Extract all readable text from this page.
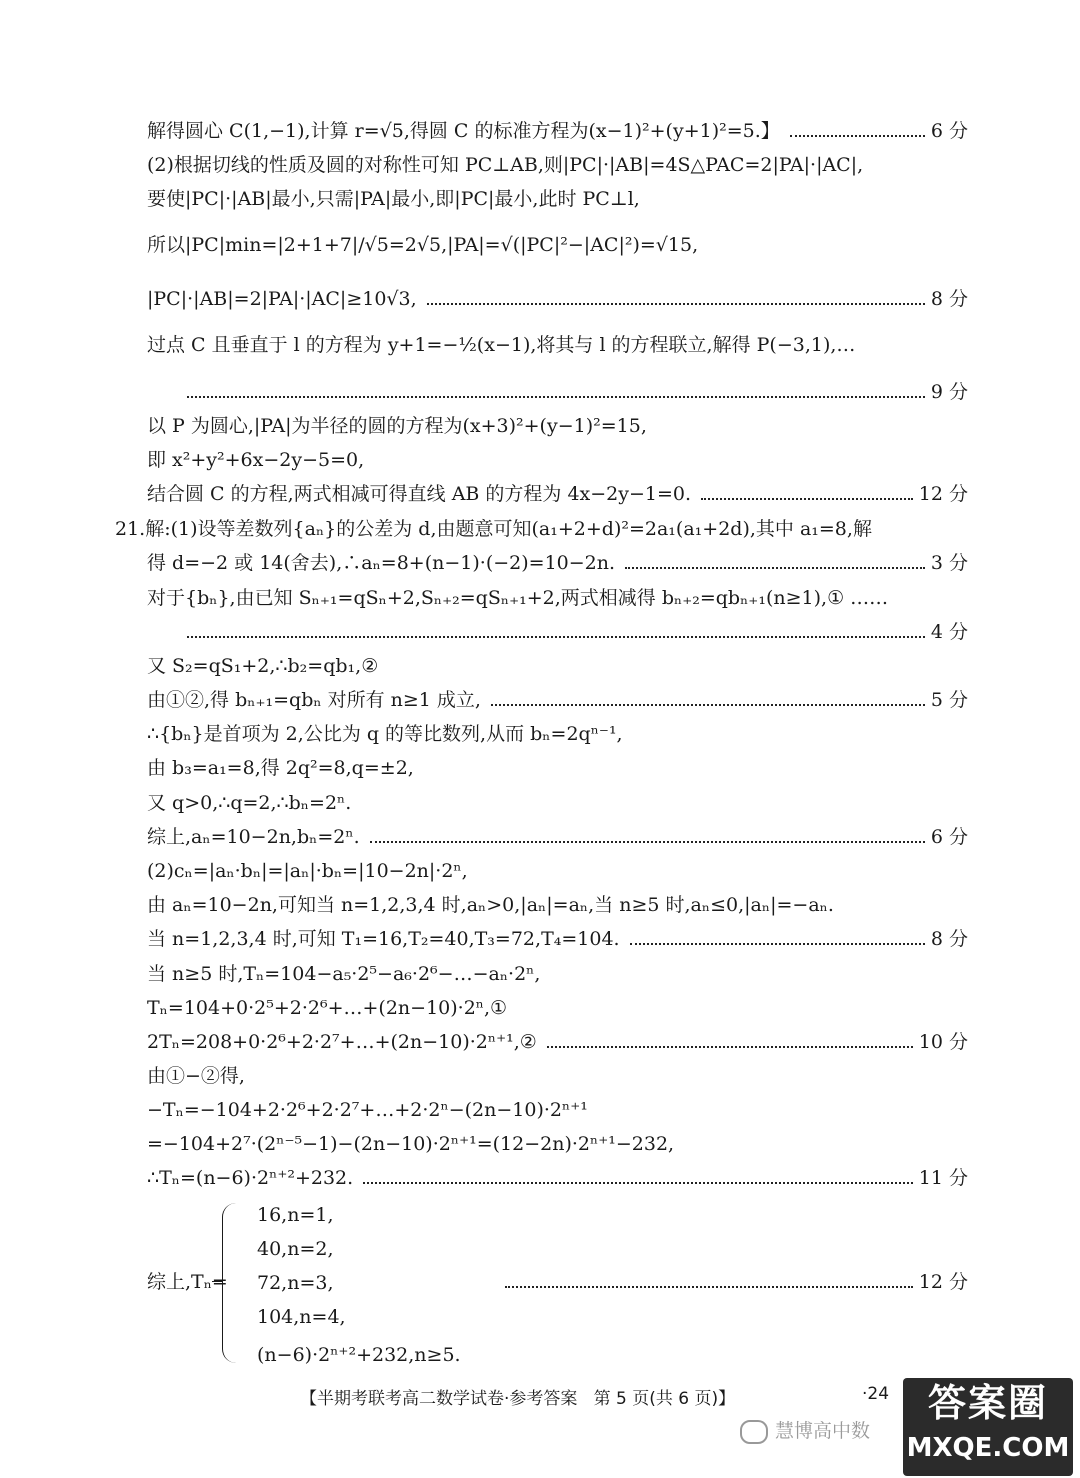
解得圆心 C(1,−1),计算 r=√5,得圆 C 的标准方程为(x−1)²+(y+1)²=5.】	6 分
(2)根据切线的性质及圆的对称性可知 PC⊥AB,则|PC|·|AB|=4S△PAC=2|PA|·|AC|,
要使|PC|·|AB|最小,只需|PA|最小,即|PC|最小,此时 PC⊥l,
所以|PC|min=|2+1+7|/√5=2√5,|PA|=√(|PC|²−|AC|²)=√15,
|PC|·|AB|=2|PA|·|AC|≥10√3,	8 分
过点 C 且垂直于 l 的方程为 y+1=−½(x−1),将其与 l 的方程联立,解得 P(−3,1),…
9 分
以 P 为圆心,|PA|为半径的圆的方程为(x+3)²+(y−1)²=15,
即 x²+y²+6x−2y−5=0,
结合圆 C 的方程,两式相减可得直线 AB 的方程为 4x−2y−1=0.	12 分
21.解:(1)设等差数列{aₙ}的公差为 d,由题意可知(a₁+2+d)²=2a₁(a₁+2d),其中 a₁=8,解
得 d=−2 或 14(舍去),∴aₙ=8+(n−1)·(−2)=10−2n.	3 分
对于{bₙ},由已知 Sₙ₊₁=qSₙ+2,Sₙ₊₂=qSₙ₊₁+2,两式相减得 bₙ₊₂=qbₙ₊₁(n≥1),① ……
4 分
又 S₂=qS₁+2,∴b₂=qb₁,②
由①②,得 bₙ₊₁=qbₙ 对所有 n≥1 成立,	5 分
∴{bₙ}是首项为 2,公比为 q 的等比数列,从而 bₙ=2qⁿ⁻¹,
由 b₃=a₁=8,得 2q²=8,q=±2,
又 q>0,∴q=2,∴bₙ=2ⁿ.
综上,aₙ=10−2n,bₙ=2ⁿ.	6 分
(2)cₙ=|aₙ·bₙ|=|aₙ|·bₙ=|10−2n|·2ⁿ,
由 aₙ=10−2n,可知当 n=1,2,3,4 时,aₙ>0,|aₙ|=aₙ,当 n≥5 时,aₙ≤0,|aₙ|=−aₙ.
当 n=1,2,3,4 时,可知 T₁=16,T₂=40,T₃=72,T₄=104.	8 分
当 n≥5 时,Tₙ=104−a₅·2⁵−a₆·2⁶−…−aₙ·2ⁿ,
Tₙ=104+0·2⁵+2·2⁶+…+(2n−10)·2ⁿ,①
2Tₙ=208+0·2⁶+2·2⁷+…+(2n−10)·2ⁿ⁺¹,②	10 分
由①−②得,
−Tₙ=−104+2·2⁶+2·2⁷+…+2·2ⁿ−(2n−10)·2ⁿ⁺¹
=−104+2⁷·(2ⁿ⁻⁵−1)−(2n−10)·2ⁿ⁺¹=(12−2n)·2ⁿ⁺¹−232,
∴Tₙ=(n−6)·2ⁿ⁺²+232.	11 分
综上,Tₙ=
16,n=1,
40,n=2,
72,n=3,
104,n=4,
(n−6)·2ⁿ⁺²+232,n≥5.
12 分
【半期考联考高二数学试卷·参考答案   第 5 页(共 6 页)】	·24
慧博高中数
答案圈
MXQE.COM
